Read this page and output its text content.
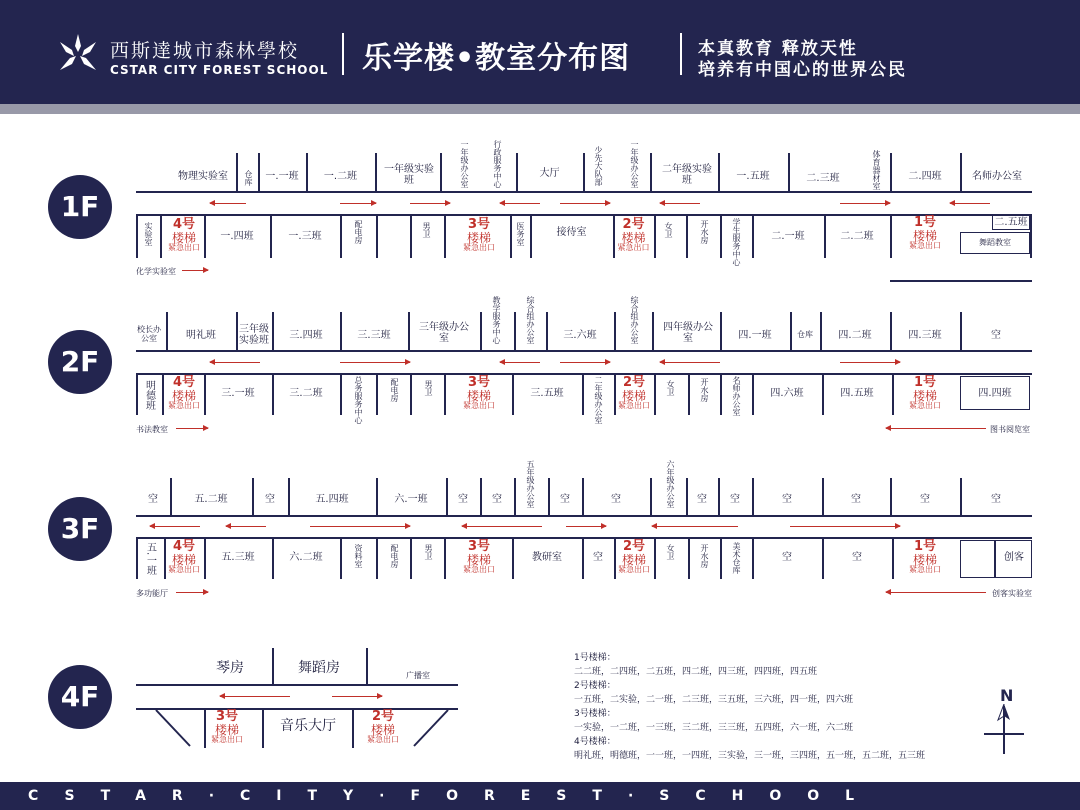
西斯達城市森林學校
CSTAR CITY FOREST SCHOOL 乐学楼•教室分布图	本真教育 释放天性
培养有中国心的世界公民
1F
2F
3F
4F
物理实验室	仓库	一.一班	一.二班
一年级实验班	一年级办公室	行政服务中心	大厅	少先大队部	一年级办公室 二年级实验班	一.五班	二.三班	体育器材室	二.四班	名师办公室
实验室	一.四班	一.三班	配电房	男卫	医务室	接待室	女卫	开水房	学生服务中心	二.一班	二.二班
二.五班
舞蹈教室
4号
楼梯
紧急出口
3号
楼梯
紧急出口
2号
楼梯
紧急出口
1号
楼梯
紧急出口
化学实验室
四.四班
校长办公室	明礼班	三年级实验班	三.四班	三.三班
三年级办公室	教学服务中心	综合组办公室	三.六班	综合组办公室	四年级办公室	四.一班	仓库	四.二班	四.三班	空
明德班	三.一班	三.二班	总务服务中心	配电房	男卫	三.五班	二年级办公室	女卫	开水房	名师办公室	四.六班	四.五班
4号
楼梯
紧急出口
3号
楼梯
紧急出口
2号
楼梯
紧急出口
1号
楼梯
紧急出口
书法教室	图书阅览室
空	五.二班	空	五.四班	六.一班	空	空	五年级办公室	空	空	六年级办公室	空	空	空	空	空	空
五.一班	五.三班	六.二班	资料室	配电房	男卫	教研室	空	女卫	开水房	美术仓库	空	空	创客
4号
楼梯
紧急出口
3号
楼梯
紧急出口
2号
楼梯
紧急出口
1号
楼梯
紧急出口
多功能厅	创客实验室
琴房	舞蹈房	广播室
音乐大厅
3号
楼梯
紧急出口
2号
楼梯
紧急出口
1号楼梯：
二二班，二四班，二五班，四二班，四三班，四四班，四五班
2号楼梯：
一五班，二实验，二一班，二三班，三五班，三六班，四一班，四六班
3号楼梯：
一实验，一二班，一三班，三二班，三三班，五四班，六一班，六二班
4号楼梯：
明礼班，明德班，一一班，一四班，三实验，三一班，三四班，五一班，五二班，五三班
N
CSTAR·CITY·FOREST·SCHOOL
